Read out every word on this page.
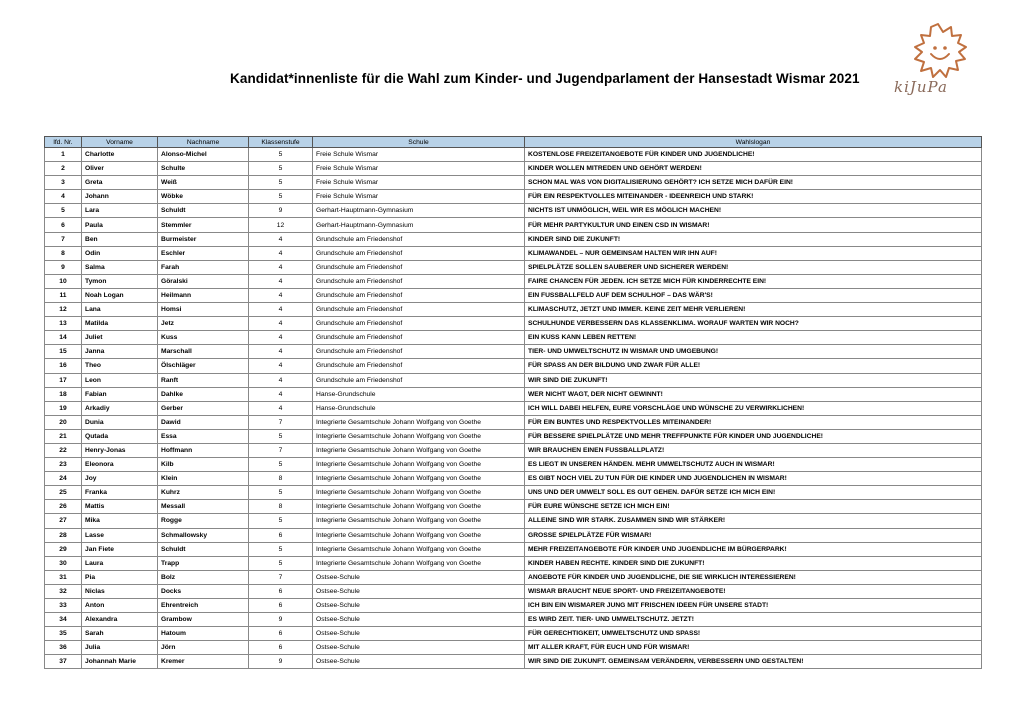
Kandidat*innenliste für die Wahl zum Kinder- und Jugendparlament der Hansestadt Wismar 2021 kiJuPa
lfd. Nr.	Vorname	Nachname	Klassenstufe	Schule	Wahlslogan
1	Charlotte	Alonso-Michel	5	Freie Schule Wismar	KOSTENLOSE FREIZEITANGEBOTE FÜR KINDER UND JUGENDLICHE!
2	Oliver	Schulte	5	Freie Schule Wismar	KINDER WOLLEN MITREDEN UND GEHÖRT WERDEN!
3	Greta	Weiß	5	Freie Schule Wismar	SCHON MAL WAS VON DIGITALISIERUNG GEHÖRT? ICH SETZE MICH DAFÜR EIN!
4	Johann	Wöbke	5	Freie Schule Wismar	FÜR EIN RESPEKTVOLLES MITEINANDER - IDEENREICH UND STARK!
5	Lara	Schuldt	9	Gerhart-Hauptmann-Gymnasium	NICHTS IST UNMÖGLICH, WEIL WIR ES MÖGLICH MACHEN!
6	Paula	Stemmler	12	Gerhart-Hauptmann-Gymnasium	FÜR MEHR PARTYKULTUR UND EINEN CSD IN WISMAR!
7	Ben	Burmeister	4	Grundschule am Friedenshof	KINDER SIND DIE ZUKUNFT!
8	Odin	Eschler	4	Grundschule am Friedenshof	KLIMAWANDEL – NUR GEMEINSAM HALTEN WIR IHN AUF!
9	Salma	Farah	4	Grundschule am Friedenshof	SPIELPLÄTZE SOLLEN SAUBERER UND SICHERER WERDEN!
10	Tymon	Göralski	4	Grundschule am Friedenshof	FAIRE CHANCEN FÜR JEDEN. ICH SETZE MICH FÜR KINDERRECHTE EIN!
11	Noah Logan	Heilmann	4	Grundschule am Friedenshof	EIN FUSSBALLFELD AUF DEM SCHULHOF – DAS WÄR'S!
12	Lana	Homsi	4	Grundschule am Friedenshof	KLIMASCHUTZ, JETZT UND IMMER. KEINE ZEIT MEHR VERLIEREN!
13	Matilda	Jetz	4	Grundschule am Friedenshof	SCHULHUNDE VERBESSERN DAS KLASSENKLIMA. WORAUF WARTEN WIR NOCH?
14	Juliet	Kuss	4	Grundschule am Friedenshof	EIN KUSS KANN LEBEN RETTEN!
15	Janna	Marschall	4	Grundschule am Friedenshof	TIER- UND UMWELTSCHUTZ IN WISMAR UND UMGEBUNG!
16	Theo	Ölschläger	4	Grundschule am Friedenshof	FÜR SPASS AN DER BILDUNG UND ZWAR FÜR ALLE!
17	Leon	Ranft	4	Grundschule am Friedenshof	WIR SIND DIE ZUKUNFT!
18	Fabian	Dahlke	4	Hanse-Grundschule	WER NICHT WAGT, DER NICHT GEWINNT!
19	Arkadiy	Gerber	4	Hanse-Grundschule	ICH WILL DABEI HELFEN, EURE VORSCHLÄGE UND WÜNSCHE ZU VERWIRKLICHEN!
20	Dunia	Dawid	7	Integrierte Gesamtschule Johann Wolfgang von Goethe	FÜR EIN BUNTES UND RESPEKTVOLLES MITEINANDER!
21	Qutada	Essa	5	Integrierte Gesamtschule Johann Wolfgang von Goethe	FÜR BESSERE SPIELPLÄTZE UND MEHR TREFFPUNKTE FÜR KINDER UND JUGENDLICHE!
22	Henry-Jonas	Hoffmann	7	Integrierte Gesamtschule Johann Wolfgang von Goethe	WIR BRAUCHEN EINEN FUSSBALLPLATZ!
23	Eleonora	Kilb	5	Integrierte Gesamtschule Johann Wolfgang von Goethe	ES LIEGT IN UNSEREN HÄNDEN. MEHR UMWELTSCHUTZ AUCH IN WISMAR!
24	Joy	Klein	8	Integrierte Gesamtschule Johann Wolfgang von Goethe	ES GIBT NOCH VIEL ZU TUN FÜR DIE KINDER UND JUGENDLICHEN IN WISMAR!
25	Franka	Kuhrz	5	Integrierte Gesamtschule Johann Wolfgang von Goethe	UNS UND DER UMWELT SOLL ES GUT GEHEN. DAFÜR SETZE ICH MICH EIN!
26	Mattis	Messall	8	Integrierte Gesamtschule Johann Wolfgang von Goethe	FÜR EURE WÜNSCHE SETZE ICH MICH EIN!
27	Mika	Rogge	5	Integrierte Gesamtschule Johann Wolfgang von Goethe	ALLEINE SIND WIR STARK. ZUSAMMEN SIND WIR STÄRKER!
28	Lasse	Schmallowsky	6	Integrierte Gesamtschule Johann Wolfgang von Goethe	GROSSE SPIELPLÄTZE FÜR WISMAR!
29	Jan Fiete	Schuldt	5	Integrierte Gesamtschule Johann Wolfgang von Goethe	MEHR FREIZEITANGEBOTE FÜR KINDER UND JUGENDLICHE IM BÜRGERPARK!
30	Laura	Trapp	5	Integrierte Gesamtschule Johann Wolfgang von Goethe	KINDER HABEN RECHTE. KINDER SIND DIE ZUKUNFT!
31	Pia	Bolz	7	Ostsee-Schule	ANGEBOTE FÜR KINDER UND JUGENDLICHE, DIE SIE WIRKLICH INTERESSIEREN!
32	Niclas	Docks	6	Ostsee-Schule	WISMAR BRAUCHT NEUE SPORT- UND FREIZEITANGEBOTE!
33	Anton	Ehrentreich	6	Ostsee-Schule	ICH BIN EIN WISMARER JUNG MIT FRISCHEN IDEEN FÜR UNSERE STADT!
34	Alexandra	Grambow	9	Ostsee-Schule	ES WIRD ZEIT. TIER- UND UMWELTSCHUTZ. JETZT!
35	Sarah	Hatoum	6	Ostsee-Schule	FÜR GERECHTIGKEIT, UMWELTSCHUTZ UND SPASS!
36	Julia	Jörn	6	Ostsee-Schule	MIT ALLER KRAFT, FÜR EUCH UND FÜR WISMAR!
37	Johannah Marie	Kremer	9	Ostsee-Schule	WIR SIND DIE ZUKUNFT. GEMEINSAM VERÄNDERN, VERBESSERN UND GESTALTEN!
